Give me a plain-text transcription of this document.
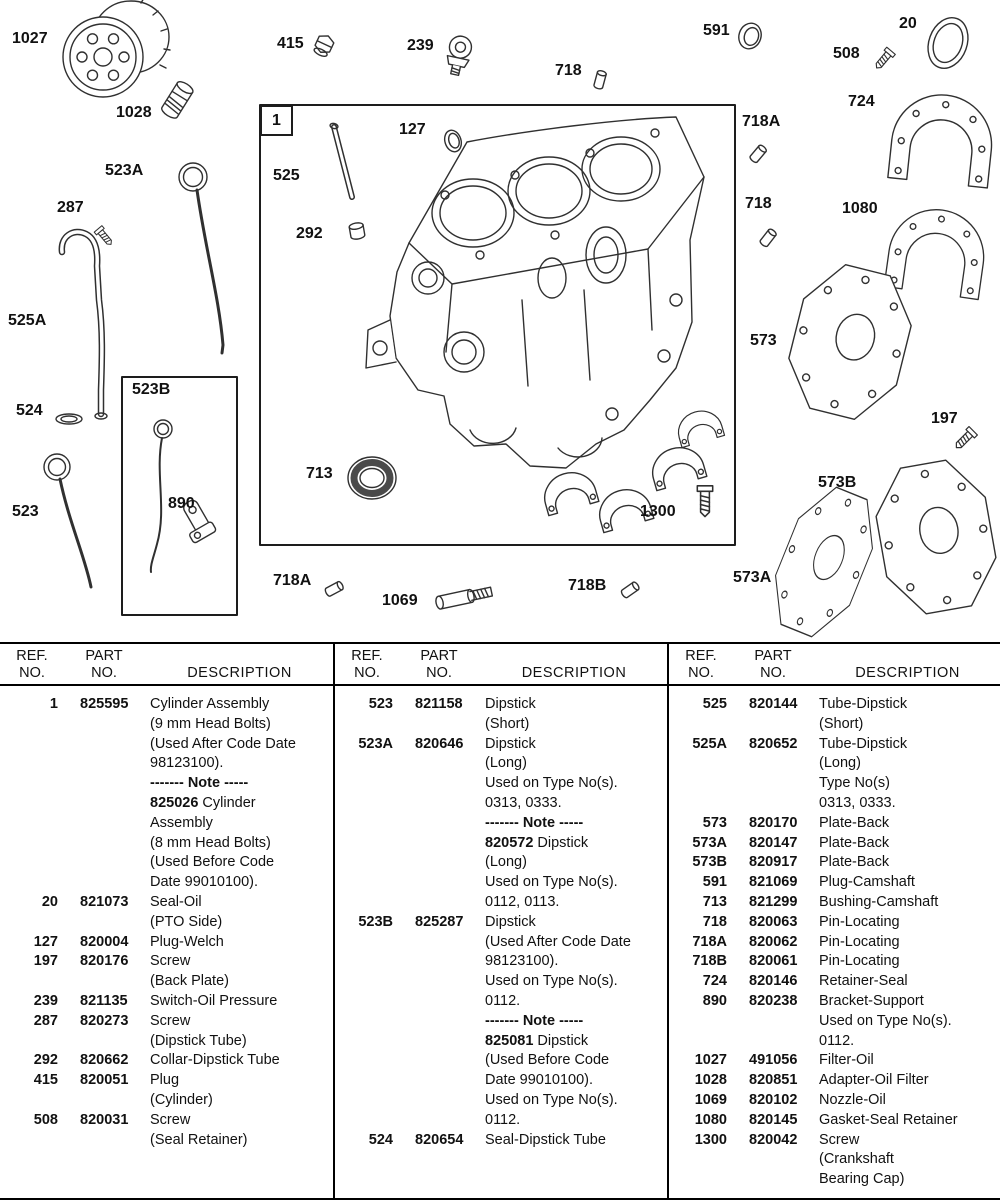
1027
1028
415	239
718
591
508
20
724
523A
127
525
718A
718	1080
287
292
525A
573
524
890
713
1300
197
573B
523
718A
1069
718B	573A
1
523B
REF.
NO.
PART
NO.	DESCRIPTION
1	825595	Cylinder Assembly
(9 mm Head Bolts)
(Used After Code Date
98123100).
------- Note -----
825026 Cylinder
Assembly
(8 mm Head Bolts)
(Used Before Code
Date 99010100).
20	821073	Seal-Oil
(PTO Side)
127	820004	Plug-Welch
197	820176	Screw
(Back Plate)
239	821135	Switch-Oil Pressure
287	820273	Screw
(Dipstick Tube)
292	820662	Collar-Dipstick Tube
415	820051	Plug
(Cylinder)
508	820031	Screw
(Seal Retainer)
REF.
NO.
PART
NO.	DESCRIPTION
523	821158	Dipstick
(Short)
523A	820646	Dipstick
(Long)
Used on Type No(s).
0313, 0333.
------- Note -----
820572 Dipstick
(Long)
Used on Type No(s).
0112, 0113.
523B	825287	Dipstick
(Used After Code Date
98123100).
Used on Type No(s).
0112.
------- Note -----
825081 Dipstick
(Used Before Code
Date 99010100).
Used on Type No(s).
0112.
524	820654	Seal-Dipstick Tube
REF.
NO.
PART
NO.	DESCRIPTION
525	820144	Tube-Dipstick
(Short)
525A	820652	Tube-Dipstick
(Long)
Type No(s)
0313, 0333.
573	820170	Plate-Back
573A	820147	Plate-Back
573B	820917	Plate-Back
591	821069	Plug-Camshaft
713	821299	Bushing-Camshaft
718	820063	Pin-Locating
718A	820062	Pin-Locating
718B	820061	Pin-Locating
724	820146	Retainer-Seal
890	820238	Bracket-Support
Used on Type No(s).
0112.
1027	491056	Filter-Oil
1028	820851	Adapter-Oil Filter
1069	820102	Nozzle-Oil
1080	820145	Gasket-Seal Retainer
1300	820042	Screw
(Crankshaft
Bearing Cap)
